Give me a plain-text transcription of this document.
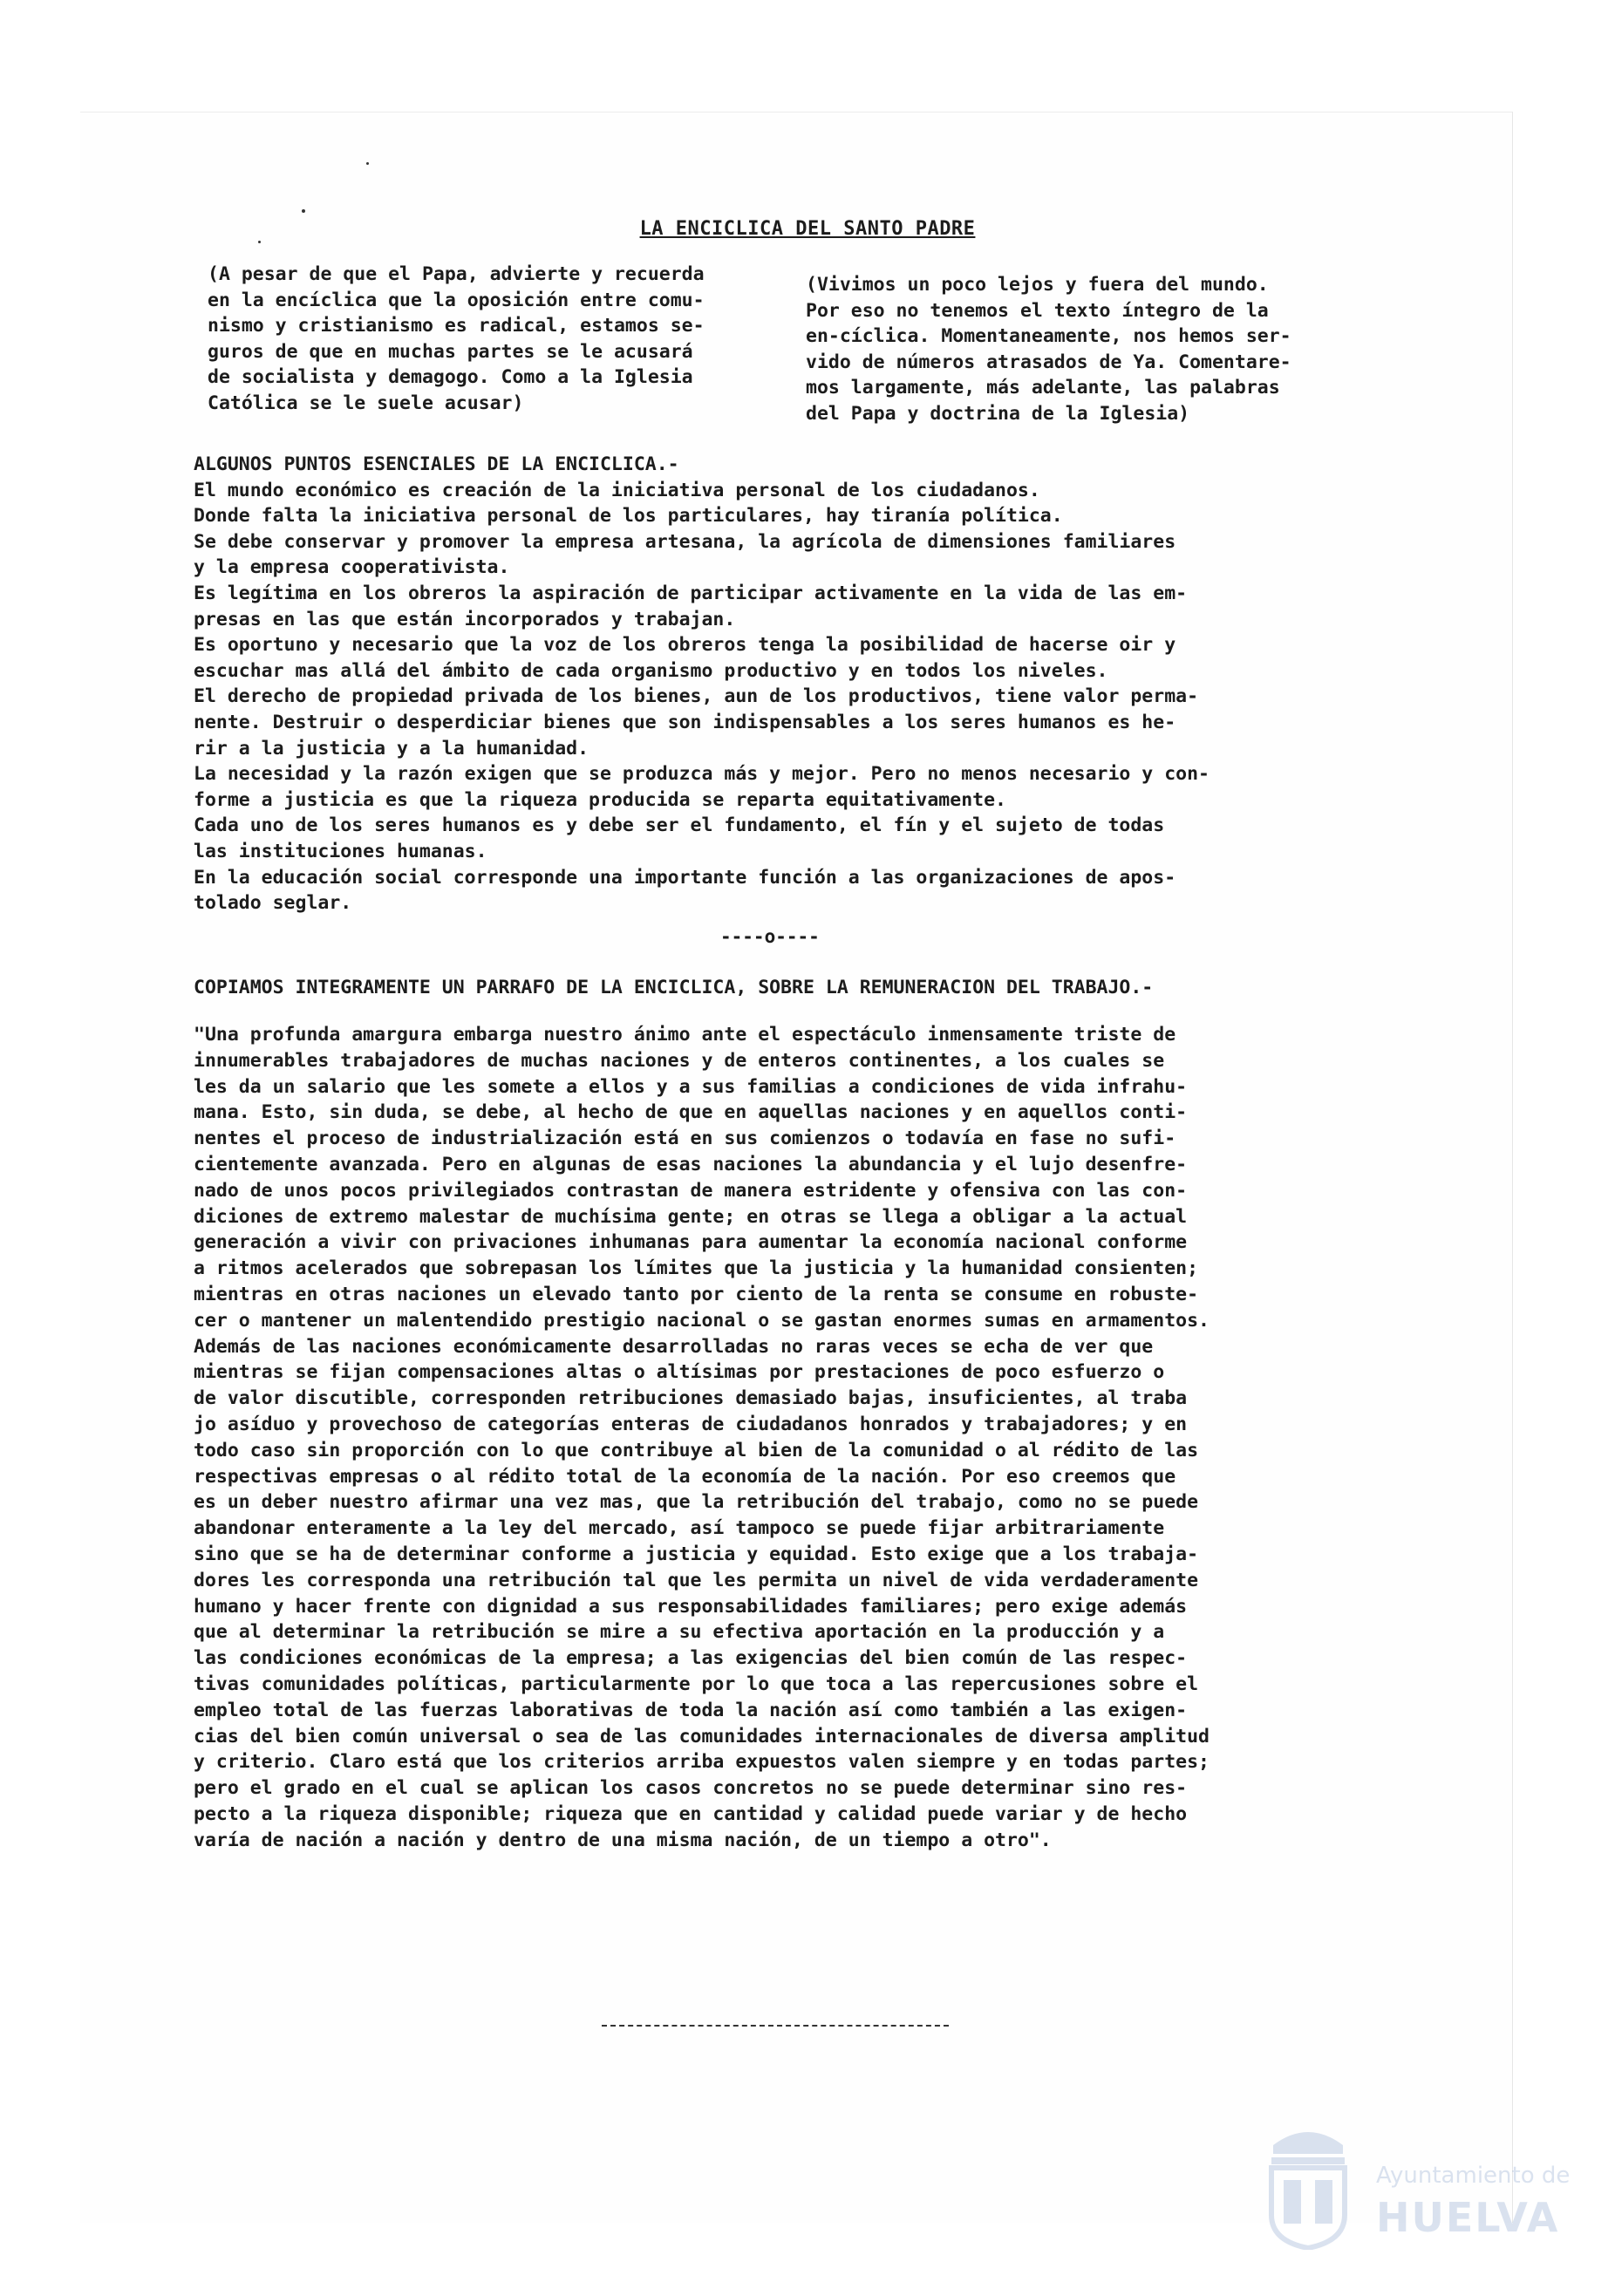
LA ENCICLICA DEL SANTO PADRE

(A pesar de que el Papa, advierte y recuerda
en la encíclica que la oposición entre comu-
nismo y cristianismo es radical, estamos se-
guros de que en muchas partes se le acusará
de socialista y demagogo. Como a la Iglesia
Católica se le suele acusar)

(Vivimos un poco lejos y fuera del mundo.
Por eso no tenemos el texto íntegro de la
en-cíclica. Momentaneamente, nos hemos ser-
vido de números atrasados de Ya. Comentare-
mos largamente, más adelante, las palabras
del Papa y doctrina de la Iglesia)

ALGUNOS PUNTOS ESENCIALES DE LA ENCICLICA.-
El mundo económico es creación de la iniciativa personal de los ciudadanos.
Donde falta la iniciativa personal de los particulares, hay tiranía política.
Se debe conservar y promover la empresa artesana, la agrícola de dimensiones familiares
y la empresa cooperativista.
Es legítima en los obreros la aspiración de participar activamente en la vida de las em-
presas en las que están incorporados y trabajan.
Es oportuno y necesario que la voz de los obreros tenga la posibilidad de hacerse oir y
escuchar mas allá del ámbito de cada organismo productivo y en todos los niveles.
El derecho de propiedad privada de los bienes, aun de los productivos, tiene valor perma-
nente. Destruir o desperdiciar bienes que son indispensables a los seres humanos es he-
rir a la justicia y a la humanidad.
La necesidad y la razón exigen que se produzca más y mejor. Pero no menos necesario y con-
forme a justicia es que la riqueza producida se reparta equitativamente.
Cada uno de los seres humanos es y debe ser el fundamento, el fín y el sujeto de todas
las instituciones humanas.
En la educación social corresponde una importante función a las organizaciones de apos-
tolado seglar.

----o----

COPIAMOS INTEGRAMENTE UN PARRAFO DE LA ENCICLICA, SOBRE LA REMUNERACION DEL TRABAJO.-

"Una profunda amargura embarga nuestro ánimo ante el espectáculo inmensamente triste de
innumerables trabajadores de muchas naciones y de enteros continentes, a los cuales se
les da un salario que les somete a ellos y a sus familias a condiciones de vida infrahu-
mana. Esto, sin duda, se debe, al hecho de que en aquellas naciones y en aquellos conti-
nentes el proceso de industrialización está en sus comienzos o todavía en fase no sufi-
cientemente avanzada. Pero en algunas de esas naciones la abundancia y el lujo desenfre-
nado de unos pocos privilegiados contrastan de manera estridente y ofensiva con las con-
diciones de extremo malestar de muchísima gente; en otras se llega a obligar a la actual
generación a vivir con privaciones inhumanas para aumentar la economía nacional conforme
a ritmos acelerados que sobrepasan los límites que la justicia y la humanidad consienten;
mientras en otras naciones un elevado tanto por ciento de la renta se consume en robuste-
cer o mantener un malentendido prestigio nacional o se gastan enormes sumas en armamentos.
Además de las naciones económicamente desarrolladas no raras veces se echa de ver que
mientras se fijan compensaciones altas o altísimas por prestaciones de poco esfuerzo o
de valor discutible, corresponden retribuciones demasiado bajas, insuficientes, al traba
jo asíduo y provechoso de categorías enteras de ciudadanos honrados y trabajadores; y en
todo caso sin proporción con lo que contribuye al bien de la comunidad o al rédito de las
respectivas empresas o al rédito total de la economía de la nación. Por eso creemos que
es un deber nuestro afirmar una vez mas, que la retribución del trabajo, como no se puede
abandonar enteramente a la ley del mercado, así tampoco se puede fijar arbitrariamente
sino que se ha de determinar conforme a justicia y equidad. Esto exige que a los trabaja-
dores les corresponda una retribución tal que les permita un nivel de vida verdaderamente
humano y hacer frente con dignidad a sus responsabilidades familiares; pero exige además
que al determinar la retribución se mire a su efectiva aportación en la producción y a
las condiciones económicas de la empresa; a las exigencias del bien común de las respec-
tivas comunidades políticas, particularmente por lo que toca a las repercusiones sobre el
empleo total de las fuerzas laborativas de toda la nación así como también a las exigen-
cias del bien común universal o sea de las comunidades internacionales de diversa amplitud
y criterio. Claro está que los criterios arriba expuestos valen siempre y en todas partes;
pero el grado en el cual se aplican los casos concretos no se puede determinar sino res-
pecto a la riqueza disponible; riqueza que en cantidad y calidad puede variar y de hecho
varía de nación a nación y dentro de una misma nación, de un tiempo a otro".

Ayuntamiento de
HUELVA
